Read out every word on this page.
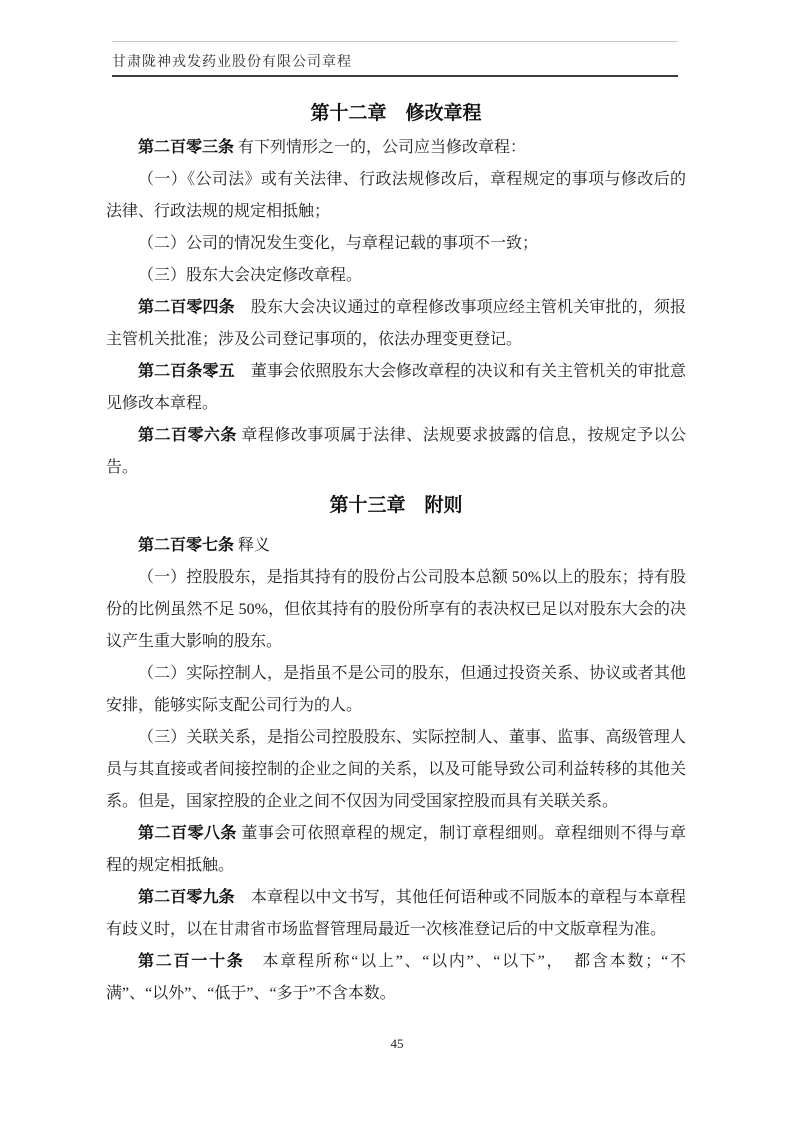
甘肃陇神戎发药业股份有限公司章程
第十二章　修改章程

第二百零三条 有下列情形之一的，公司应当修改章程：

（一）《公司法》或有关法律、行政法规修改后，章程规定的事项与修改后的法律、行政法规的规定相抵触；

（二）公司的情况发生变化，与章程记载的事项不一致；

（三）股东大会决定修改章程。

第二百零四条　股东大会决议通过的章程修改事项应经主管机关审批的，须报主管机关批准；涉及公司登记事项的，依法办理变更登记。

第二百条零五　董事会依照股东大会修改章程的决议和有关主管机关的审批意见修改本章程。

第二百零六条 章程修改事项属于法律、法规要求披露的信息，按规定予以公告。

第十三章　附则

第二百零七条 释义

（一）控股股东，是指其持有的股份占公司股本总额 50%以上的股东；持有股份的比例虽然不足 50%，但依其持有的股份所享有的表决权已足以对股东大会的决议产生重大影响的股东。

（二）实际控制人，是指虽不是公司的股东，但通过投资关系、协议或者其他安排，能够实际支配公司行为的人。

（三）关联关系，是指公司控股股东、实际控制人、董事、监事、高级管理人员与其直接或者间接控制的企业之间的关系，以及可能导致公司利益转移的其他关系。但是，国家控股的企业之间不仅因为同受国家控股而具有关联关系。

第二百零八条 董事会可依照章程的规定，制订章程细则。章程细则不得与章程的规定相抵触。

第二百零九条　本章程以中文书写，其他任何语种或不同版本的章程与本章程有歧义时，以在甘肃省市场监督管理局最近一次核准登记后的中文版章程为准。

第二百一十条　本章程所称“以上”、“以内”、“以下”，　都含本数；“不满”、“以外”、“低于”、“多于”不含本数。

45
